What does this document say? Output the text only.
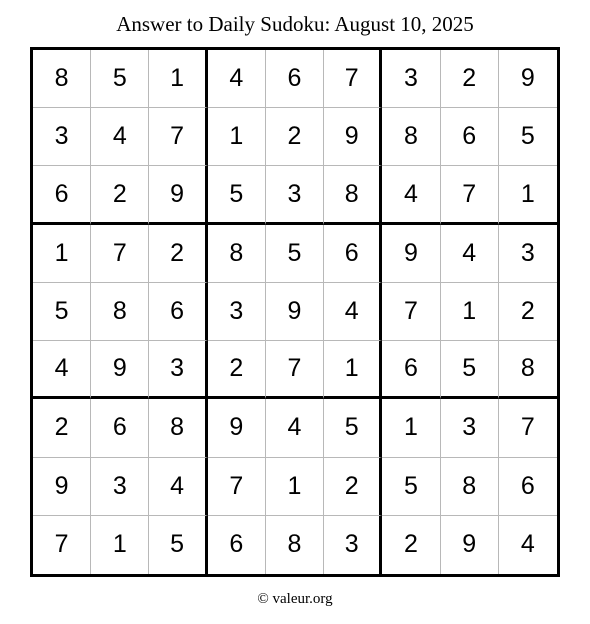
Answer to Daily Sudoku: August 10, 2025
8	5	1	4	6	7	3	2	9
3	4	7	1	2	9	8	6	5
6	2	9	5	3	8	4	7	1
1	7	2	8	5	6	9	4	3
5	8	6	3	9	4	7	1	2
4	9	3	2	7	1	6	5	8
2	6	8	9	4	5	1	3	7
9	3	4	7	1	2	5	8	6
7	1	5	6	8	3	2	9	4
© valeur.org
